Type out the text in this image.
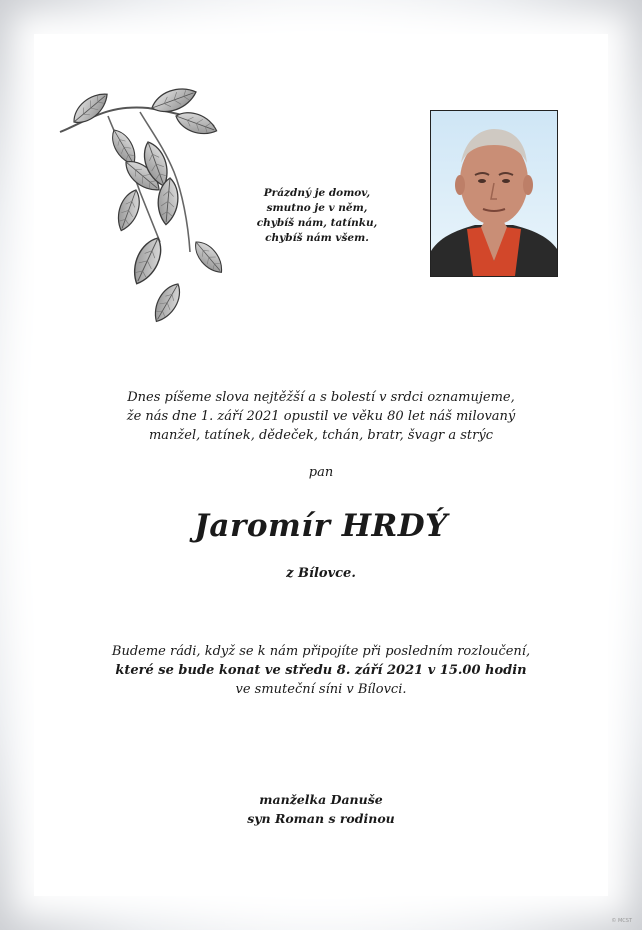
Prázdný je domov,
smutno je v něm,
chybíš nám, tatínku,
chybíš nám všem.
Dnes píšeme slova nejtěžší a s bolestí v srdci oznamujeme,
že nás dne 1. září 2021 opustil ve věku 80 let náš milovaný
manžel, tatínek, dědeček, tchán, bratr, švagr a strýc
pan
Jaromír HRDÝ
z Bílovce.
Budeme rádi, když se k nám připojíte při posledním rozloučení,
které se bude konat ve středu 8. září 2021 v 15.00 hodin
ve smuteční síni v Bílovci.
manželka Danuše
syn Roman s rodinou
© MCST
